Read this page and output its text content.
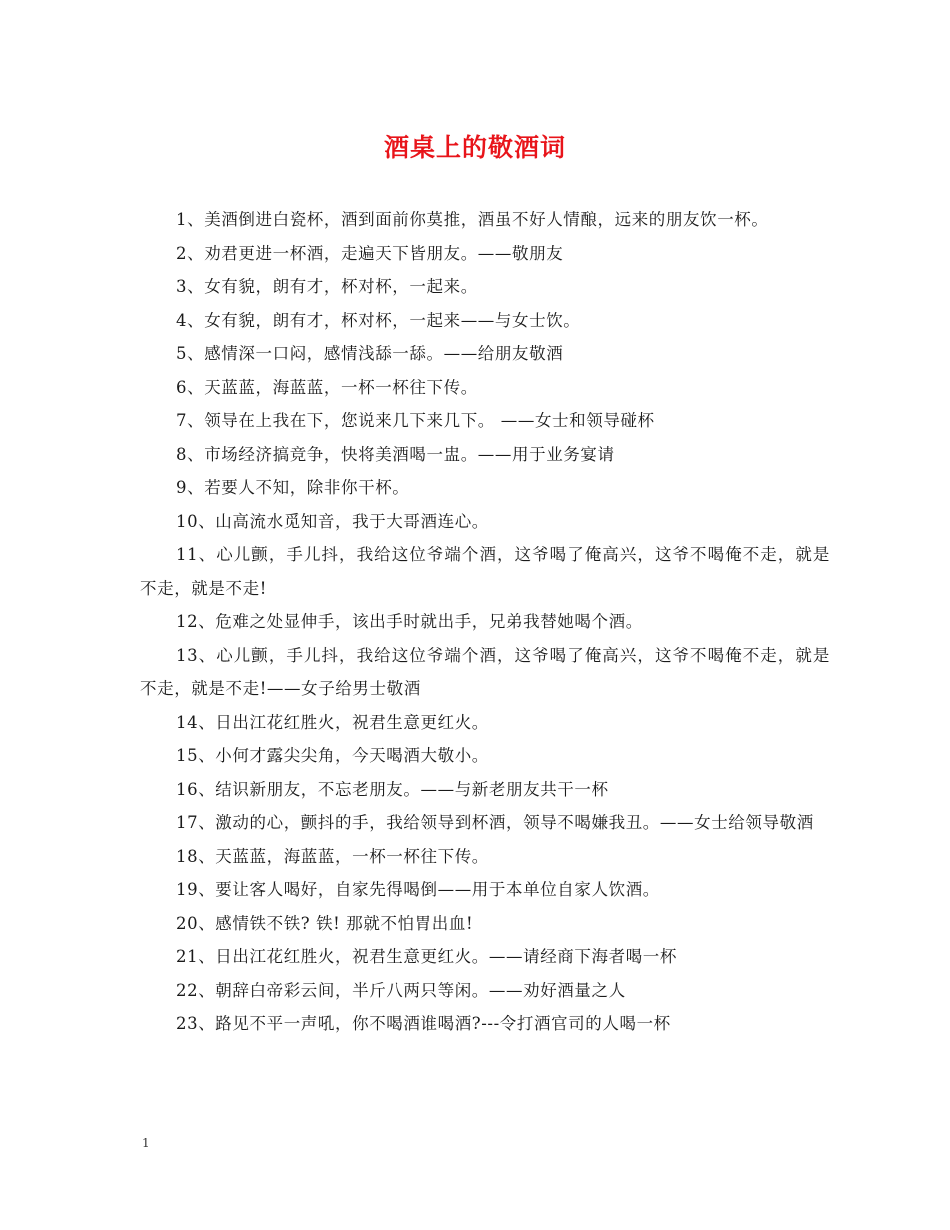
酒桌上的敬酒词

1、美酒倒进白瓷杯，酒到面前你莫推，酒虽不好人情酿，远来的朋友饮一杯。

2、劝君更进一杯酒，走遍天下皆朋友。——敬朋友

3、女有貌，朗有才，杯对杯，一起来。

4、女有貌，朗有才，杯对杯，一起来——与女士饮。

5、感情深一口闷，感情浅舔一舔。——给朋友敬酒

6、天蓝蓝，海蓝蓝，一杯一杯往下传。

7、领导在上我在下，您说来几下来几下。 ——女士和领导碰杯

8、市场经济搞竞争，快将美酒喝一盅。——用于业务宴请

9、若要人不知，除非你干杯。

10、山高流水觅知音，我于大哥酒连心。

11、心儿颤，手儿抖，我给这位爷端个酒，这爷喝了俺高兴，这爷不喝俺不走，就是不走，就是不走!

12、危难之处显伸手，该出手时就出手，兄弟我替她喝个酒。

13、心儿颤，手儿抖，我给这位爷端个酒，这爷喝了俺高兴，这爷不喝俺不走，就是不走，就是不走!——女子给男士敬酒

14、日出江花红胜火，祝君生意更红火。

15、小何才露尖尖角，今天喝酒大敬小。

16、结识新朋友，不忘老朋友。——与新老朋友共干一杯

17、激动的心，颤抖的手，我给领导到杯酒，领导不喝嫌我丑。——女士给领导敬酒

18、天蓝蓝，海蓝蓝，一杯一杯往下传。

19、要让客人喝好，自家先得喝倒——用于本单位自家人饮酒。

20、感情铁不铁? 铁! 那就不怕胃出血!

21、日出江花红胜火，祝君生意更红火。——请经商下海者喝一杯

22、朝辞白帝彩云间，半斤八两只等闲。——劝好酒量之人

23、路见不平一声吼，你不喝酒谁喝酒?---令打酒官司的人喝一杯

1
